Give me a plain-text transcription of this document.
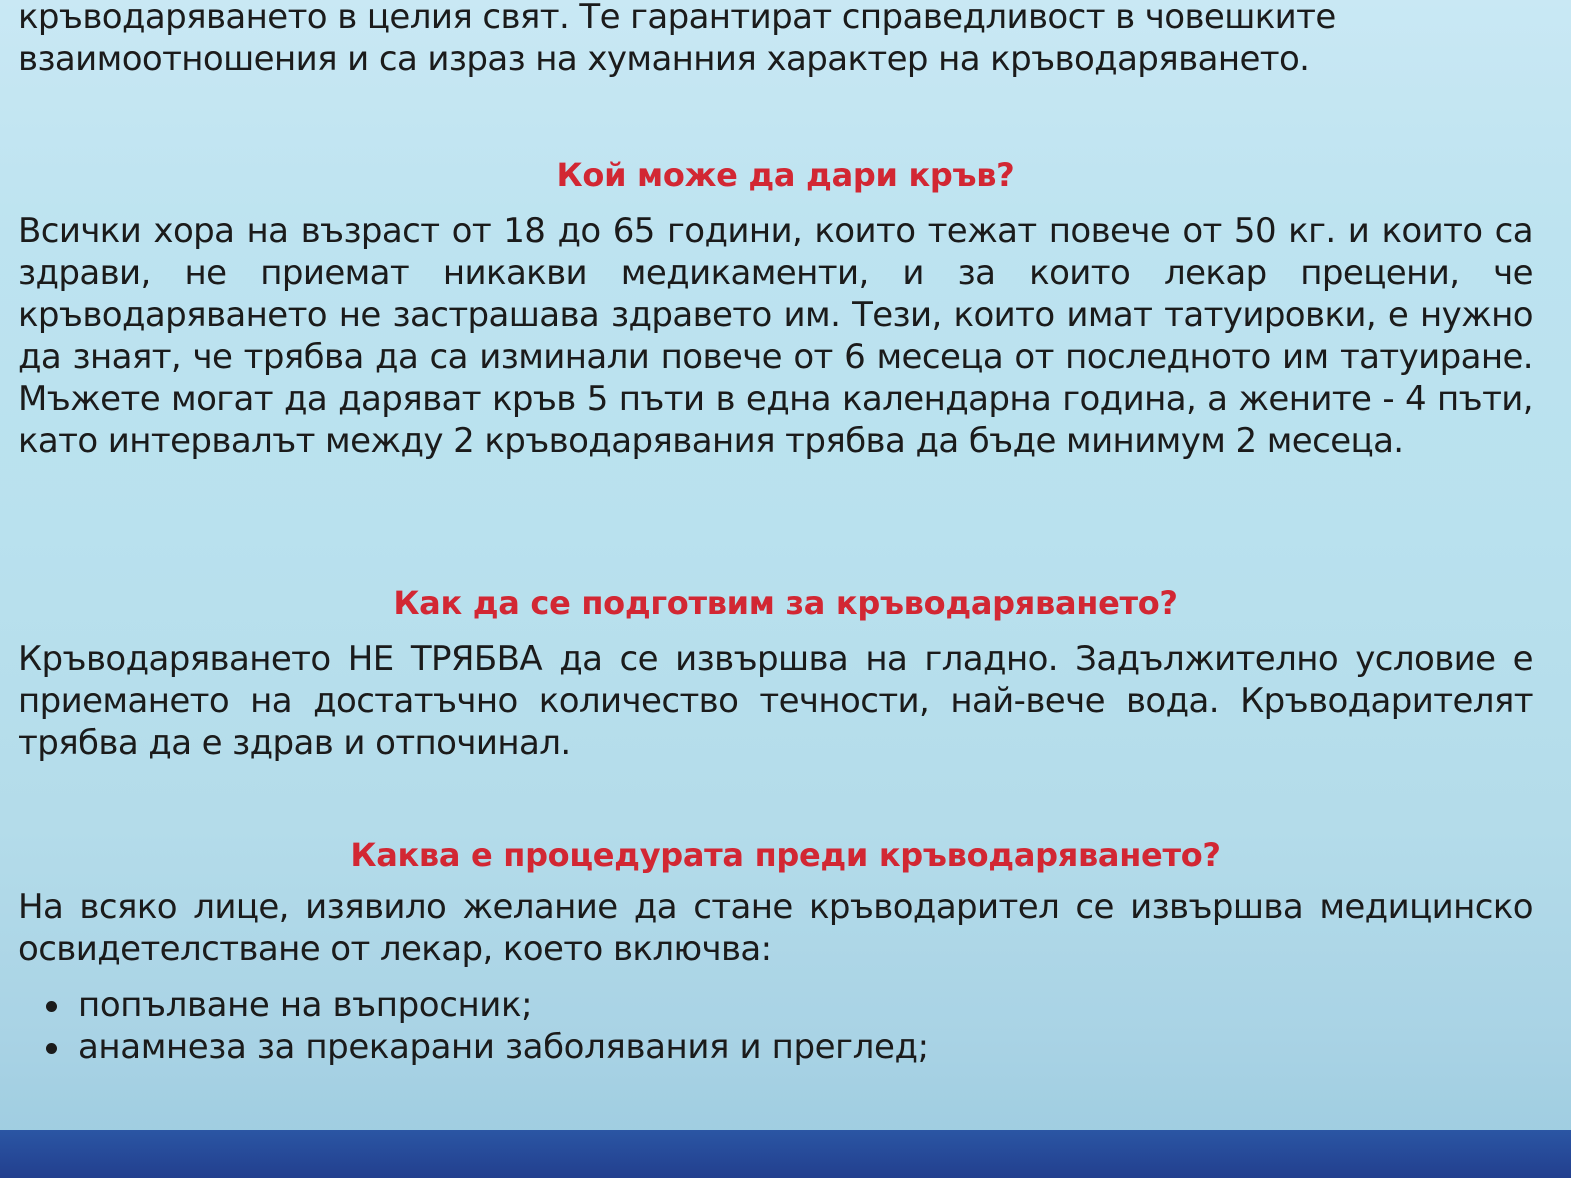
кръводаряването в целия свят. Те гарантират справедливост в човешките

взаимоотношения и са израз на хуманния характер на кръводаряването.

Кой може да дари кръв?

Всички хора на възраст от 18 до 65 години, които тежат повече от 50 кг. и които са здрави, не приемат никакви медикаменти, и за които лекар прецени, че кръводаряването не застрашава здравето им. Тези, които имат татуировки, е нужно да знаят, че трябва да са изминали повече от 6 месеца от последното им татуиране. Мъжете могат да даряват кръв 5 пъти в една календарна година, а жените - 4 пъти, като интервалът между 2 кръводарявания трябва да бъде минимум 2 месеца.

Как да се подготвим за кръводаряването?

Кръводаряването НЕ ТРЯБВА да се извършва на гладно. Задължително условие е приемането на достатъчно количество течности, най-вече вода. Кръводарителят трябва да е здрав и отпочинал.

Каква е процедурата преди кръводаряването?

На всяко лице, изявило желание да стане кръводарител се извършва медицинско освидетелстване от лекар, което включва:

попълване на въпросник;
анамнеза за прекарани заболявания и преглед;
